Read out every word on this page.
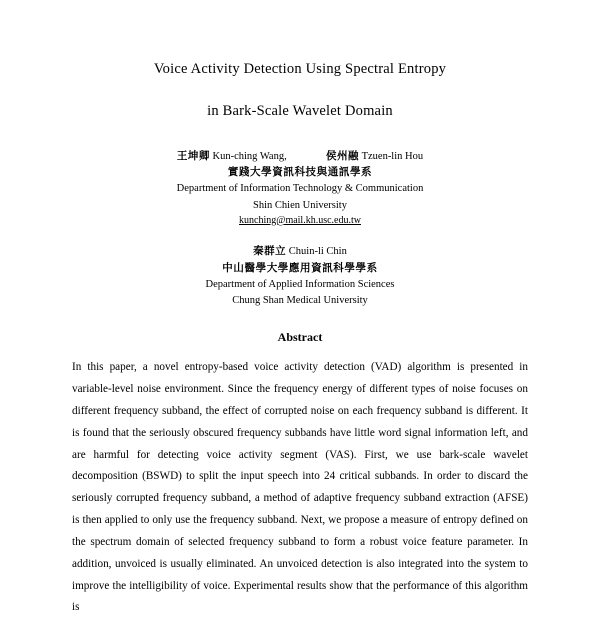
Voice Activity Detection Using Spectral Entropy
in Bark-Scale Wavelet Domain
王坤卿 Kun-ching Wang,	侯州融 Tzuen-lin Hou
實踐大學資訊科技與通訊學系
Department of Information Technology & Communication
Shin Chien University
kunching@mail.kh.usc.edu.tw
秦群立 Chuin-li Chin
中山醫學大學應用資訊科學學系
Department of Applied Information Sciences
Chung Shan Medical University
Abstract
In this paper, a novel entropy-based voice activity detection (VAD) algorithm is presented in variable-level noise environment. Since the frequency energy of different types of noise focuses on different frequency subband, the effect of corrupted noise on each frequency subband is different. It is found that the seriously obscured frequency subbands have little word signal information left, and are harmful for detecting voice activity segment (VAS). First, we use bark-scale wavelet decomposition (BSWD) to split the input speech into 24 critical subbands. In order to discard the seriously corrupted frequency subband, a method of adaptive frequency subband extraction (AFSE) is then applied to only use the frequency subband. Next, we propose a measure of entropy defined on the spectrum domain of selected frequency subband to form a robust voice feature parameter. In addition, unvoiced is usually eliminated. An unvoiced detection is also integrated into the system to improve the intelligibility of voice. Experimental results show that the performance of this algorithm is
